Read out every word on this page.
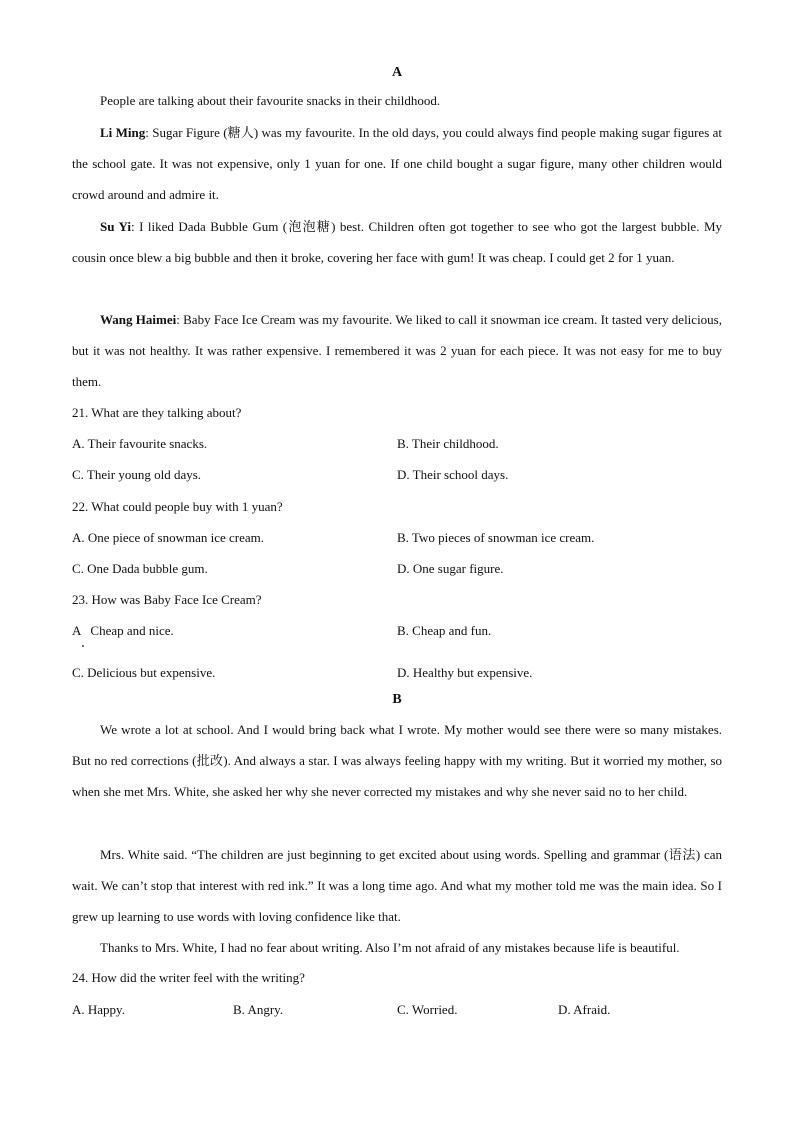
A
People are talking about their favourite snacks in their childhood.

Li Ming: Sugar Figure (糖人) was my favourite. In the old days, you could always find people making sugar figures at the school gate. It was not expensive, only 1 yuan for one. If one child bought a sugar figure, many other children would crowd around and admire it.

Su Yi: I liked Dada Bubble Gum (泡泡糖) best. Children often got together to see who got the largest bubble. My cousin once blew a big bubble and then it broke, covering her face with gum! It was cheap. I could get 2 for 1 yuan.

Wang Haimei: Baby Face Ice Cream was my favourite. We liked to call it snowman ice cream. It tasted very delicious, but it was not healthy. It was rather expensive. I remembered it was 2 yuan for each piece. It was not easy for me to buy them.

21. What are they talking about?
A. Their favourite snacks.	B. Their childhood.
C. Their young old days.	D. Their school days.
22. What could people buy with 1 yuan?
A. One piece of snowman ice cream.	B. Two pieces of snowman ice cream.
C. One Dada bubble gum.	D. One sugar figure.
23. How was Baby Face Ice Cream?
A   Cheap and nice.	B. Cheap and fun.
C. Delicious but expensive.	D. Healthy but expensive.
B

We wrote a lot at school. And I would bring back what I wrote. My mother would see there were so many mistakes. But no red corrections (批改). And always a star. I was always feeling happy with my writing. But it worried my mother, so when she met Mrs. White, she asked her why she never corrected my mistakes and why she never said no to her child.

Mrs. White said. “The children are just beginning to get excited about using words. Spelling and grammar (语法) can wait. We can’t stop that interest with red ink.” It was a long time ago. And what my mother told me was the main idea. So I grew up learning to use words with loving confidence like that.

Thanks to Mrs. White, I had no fear about writing. Also I’m not afraid of any mistakes because life is beautiful.

24. How did the writer feel with the writing?
A. Happy.	B. Angry.	C. Worried.	D. Afraid.
